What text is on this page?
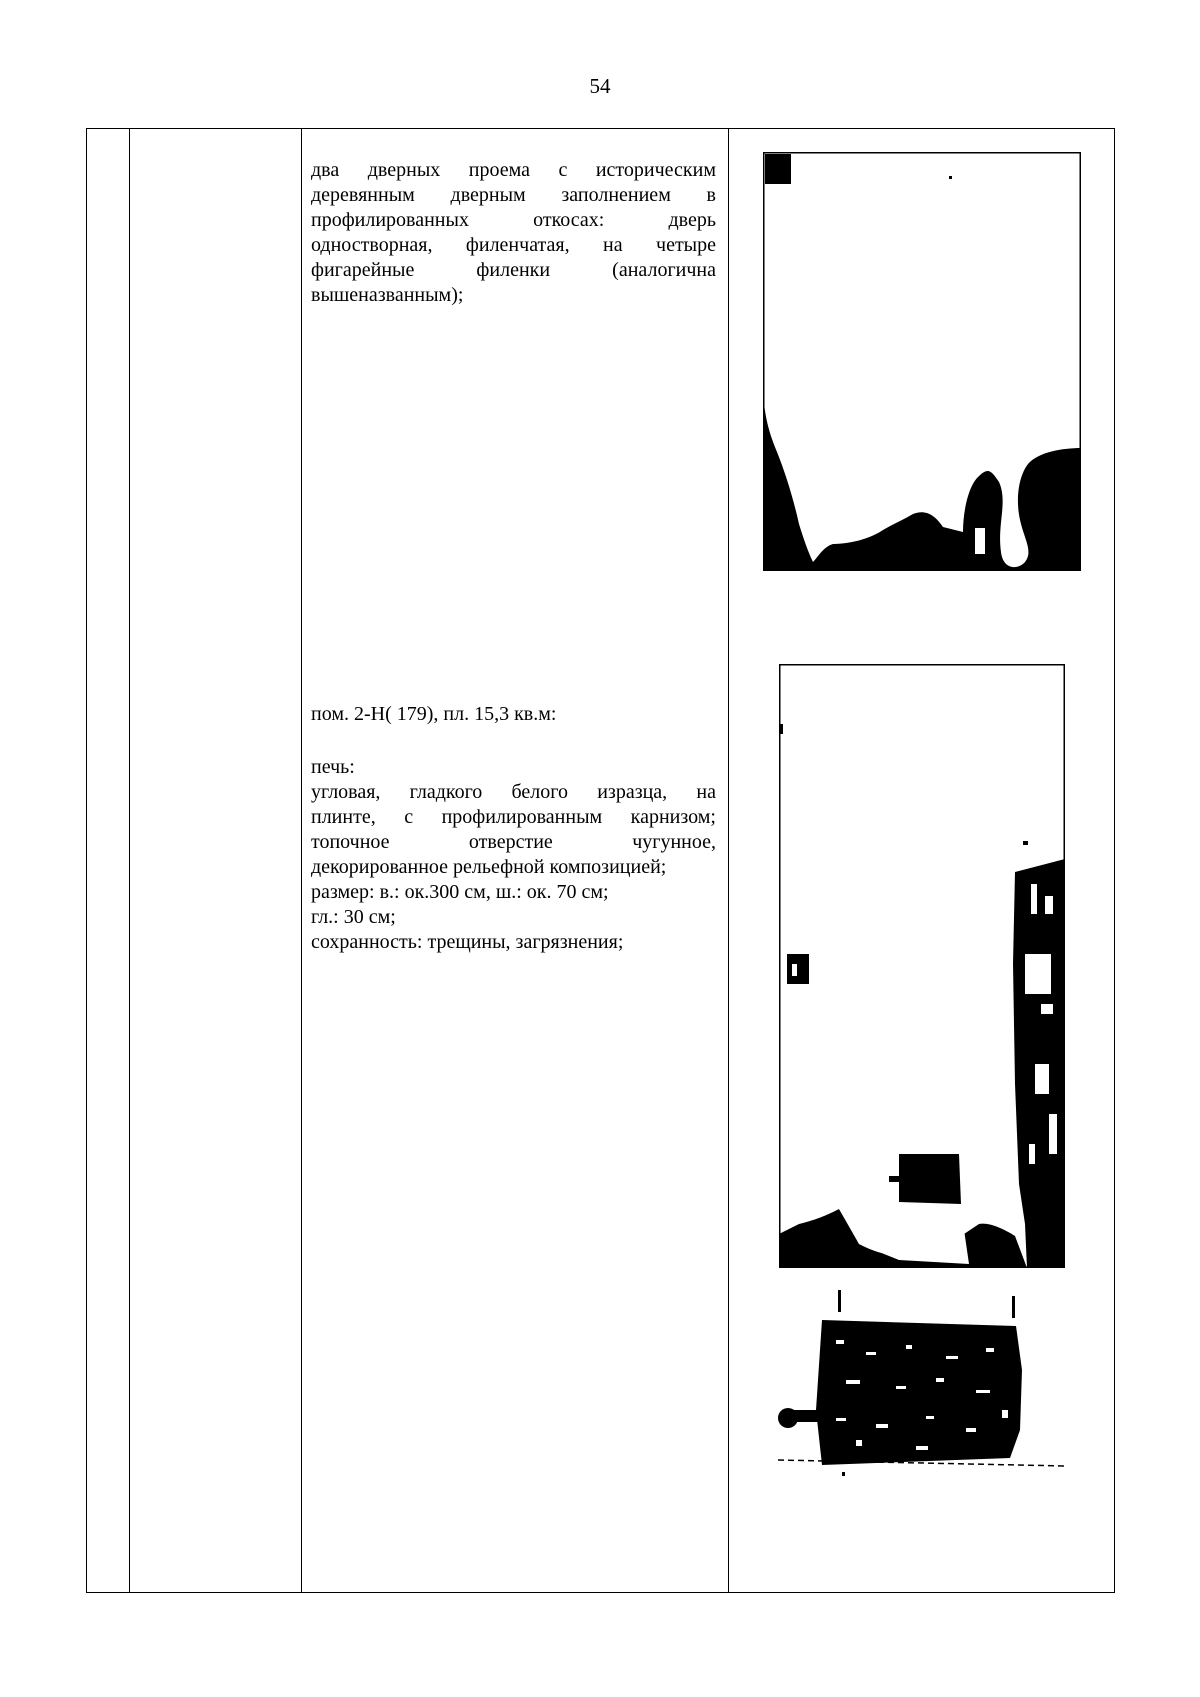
54
два дверных проема с историческим
деревянным дверным заполнением в
профилированных откосах: дверь
одностворная, филенчатая, на четыре
фигарейные филенки (аналогична
вышеназванным);
пом. 2-Н( 179), пл. 15,3 кв.м:
печь:
угловая, гладкого белого изразца, на
плинте, с профилированным карнизом;
топочное отверстие чугунное,
декорированное рельефной композицией;
размер: в.: ок.300 см, ш.: ок. 70 см;
гл.: 30 см;
сохранность: трещины, загрязнения;
